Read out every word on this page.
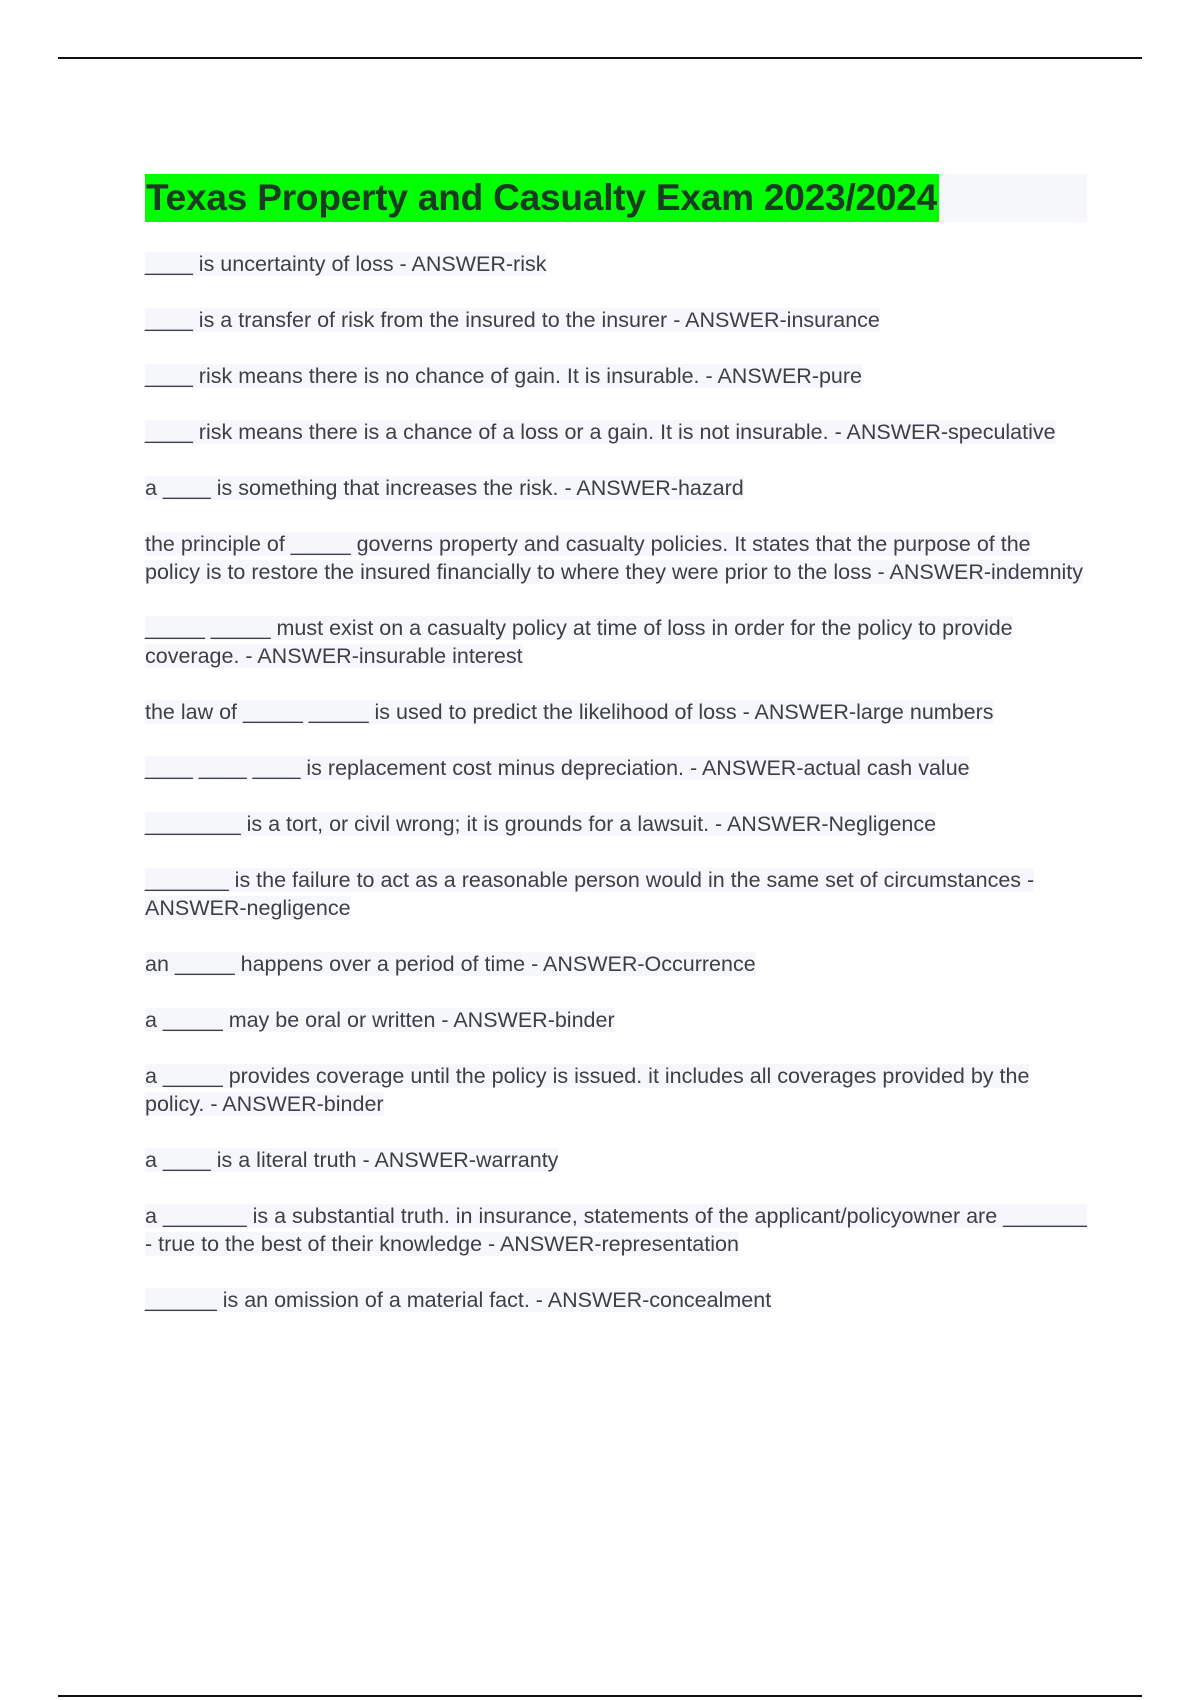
Texas Property and Casualty Exam 2023/2024

____ is uncertainty of loss - ANSWER-risk

____ is a transfer of risk from the insured to the insurer - ANSWER-insurance

____ risk means there is no chance of gain. It is insurable. - ANSWER-pure

____ risk means there is a chance of a loss or a gain. It is not insurable. - ANSWER-speculative

a ____ is something that increases the risk. - ANSWER-hazard

the principle of _____ governs property and casualty policies. It states that the purpose of the policy is to restore the insured financially to where they were prior to the loss - ANSWER-indemnity

_____ _____ must exist on a casualty policy at time of loss in order for the policy to provide coverage. - ANSWER-insurable interest

the law of _____ _____ is used to predict the likelihood of loss - ANSWER-large numbers

____ ____ ____ is replacement cost minus depreciation. - ANSWER-actual cash value

________ is a tort, or civil wrong; it is grounds for a lawsuit. - ANSWER-Negligence

_______ is the failure to act as a reasonable person would in the same set of circumstances - ANSWER-negligence

an _____ happens over a period of time - ANSWER-Occurrence

a _____ may be oral or written - ANSWER-binder

a _____ provides coverage until the policy is issued. it includes all coverages provided by the policy. - ANSWER-binder

a ____ is a literal truth - ANSWER-warranty

a _______ is a substantial truth. in insurance, statements of the applicant/policyowner are _______ - true to the best of their knowledge - ANSWER-representation

______ is an omission of a material fact. - ANSWER-concealment
